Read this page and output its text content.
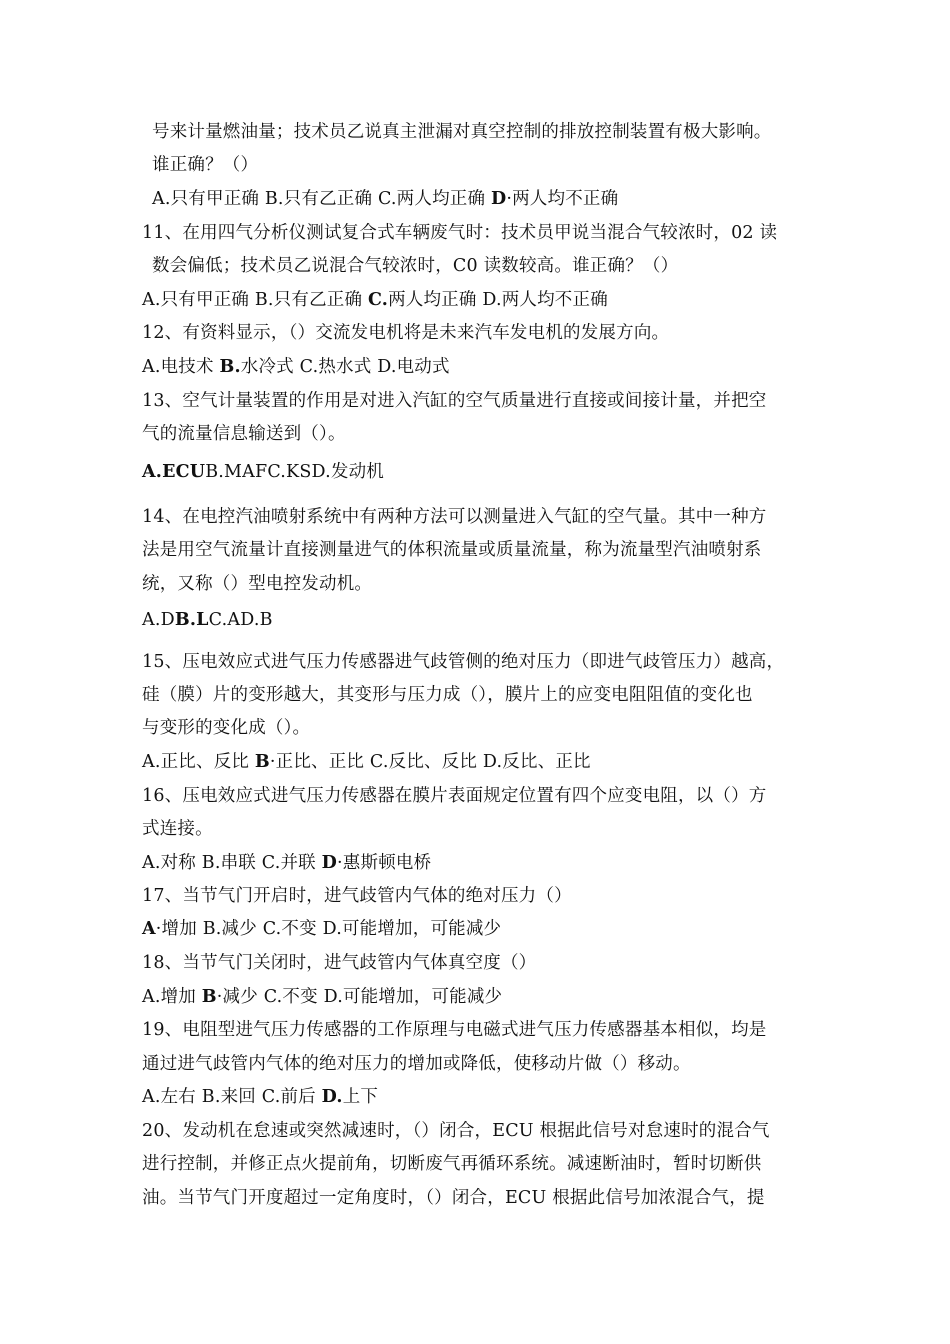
号来计量燃油量；技术员乙说真主泄漏对真空控制的排放控制装置有极大影响。
谁正确？（）
A.只有甲正确 B.只有乙正确 C.两人均正确 D·两人均不正确
11、在用四气分析仪测试复合式车辆废气时：技术员甲说当混合气较浓时，02 读
数会偏低；技术员乙说混合气较浓时，C0 读数较高。谁正确？（）
A.只有甲正确 B.只有乙正确 C.两人均正确 D.两人均不正确
12、有资料显示，（）交流发电机将是未来汽车发电机的发展方向。
A.电技术 B.水冷式 C.热水式 D.电动式
13、空气计量装置的作用是对进入汽缸的空气质量进行直接或间接计量，并把空
气的流量信息输送到（）。
A.ECUB.MAFC.KSD.发动机
14、在电控汽油喷射系统中有两种方法可以测量进入气缸的空气量。其中一种方
法是用空气流量计直接测量进气的体积流量或质量流量，称为流量型汽油喷射系
统，又称（）型电控发动机。
A.DB.LC.AD.B
15、压电效应式进气压力传感器进气歧管侧的绝对压力（即进气歧管压力）越高，
硅（膜）片的变形越大，其变形与压力成（），膜片上的应变电阻阻值的变化也
与变形的变化成（）。
A.正比、反比 B·正比、正比 C.反比、反比 D.反比、正比
16、压电效应式进气压力传感器在膜片表面规定位置有四个应变电阻，以（）方
式连接。
A.对称 B.串联 C.并联 D·惠斯顿电桥
17、当节气门开启时，进气歧管内气体的绝对压力（）
A·增加 B.减少 C.不变 D.可能增加，可能减少
18、当节气门关闭时，进气歧管内气体真空度（）
A.增加 B·减少 C.不变 D.可能增加，可能减少
19、电阻型进气压力传感器的工作原理与电磁式进气压力传感器基本相似，均是
通过进气歧管内气体的绝对压力的增加或降低，使移动片做（）移动。
A.左右 B.来回 C.前后 D.上下
20、发动机在怠速或突然减速时，（）闭合，ECU 根据此信号对怠速时的混合气
进行控制，并修正点火提前角，切断废气再循环系统。减速断油时，暂时切断供
油。当节气门开度超过一定角度时，（）闭合，ECU 根据此信号加浓混合气，提
